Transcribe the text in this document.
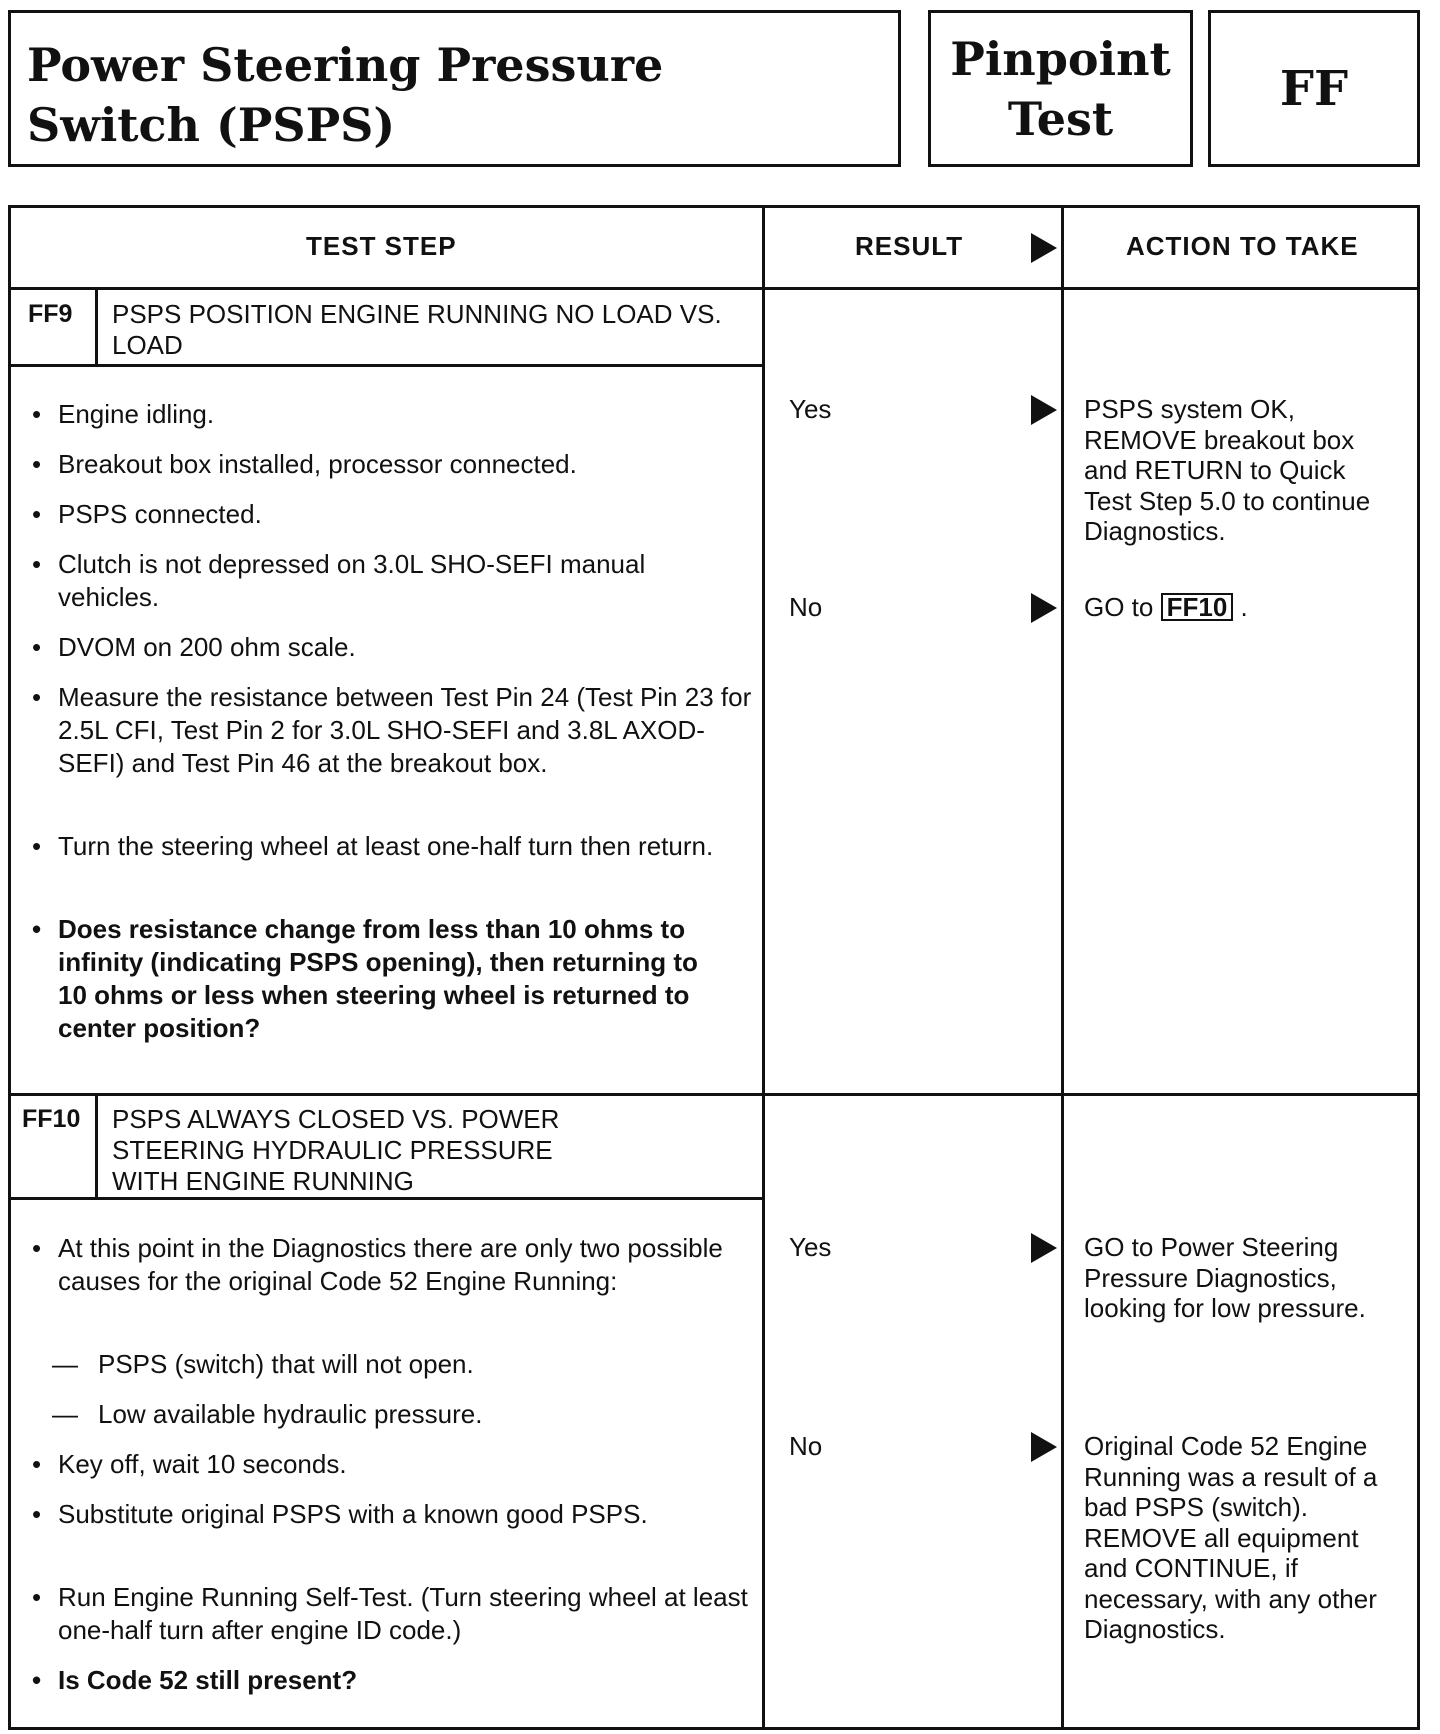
Power Steering Pressure
Switch (PSPS)
Pinpoint
Test
FF
TEST STEP	RESULT	ACTION TO TAKE
FF9 PSPS POSITION ENGINE RUNNING NO LOAD VS. LOAD
• Engine idling.
• Breakout box installed, processor connected.
• PSPS connected.
• Clutch is not depressed on 3.0L SHO-SEFI manual vehicles.
• DVOM on 200 ohm scale.
• Measure the resistance between Test Pin 24 (Test Pin 23 for 2.5L CFI, Test Pin 2 for 3.0L SHO-SEFI and 3.8L AXOD-SEFI) and Test Pin 46 at the breakout box.
• Turn the steering wheel at least one-half turn then return.
• Does resistance change from less than 10 ohms to infinity (indicating PSPS opening), then returning to 10 ohms or less when steering wheel is returned to center position?
Yes	PSPS system OK, REMOVE breakout box and RETURN to Quick Test Step 5.0 to continue Diagnostics.
No	GO to FF10 .
FF10 PSPS ALWAYS CLOSED VS. POWER STEERING HYDRAULIC PRESSURE WITH ENGINE RUNNING
• At this point in the Diagnostics there are only two possible causes for the original Code 52 Engine Running:
— PSPS (switch) that will not open.
— Low available hydraulic pressure.
• Key off, wait 10 seconds.
• Substitute original PSPS with a known good PSPS.
• Run Engine Running Self-Test. (Turn steering wheel at least one-half turn after engine ID code.)
• Is Code 52 still present?
Yes	GO to Power Steering Pressure Diagnostics, looking for low pressure.
No	Original Code 52 Engine Running was a result of a bad PSPS (switch). REMOVE all equipment and CONTINUE, if necessary, with any other Diagnostics.
